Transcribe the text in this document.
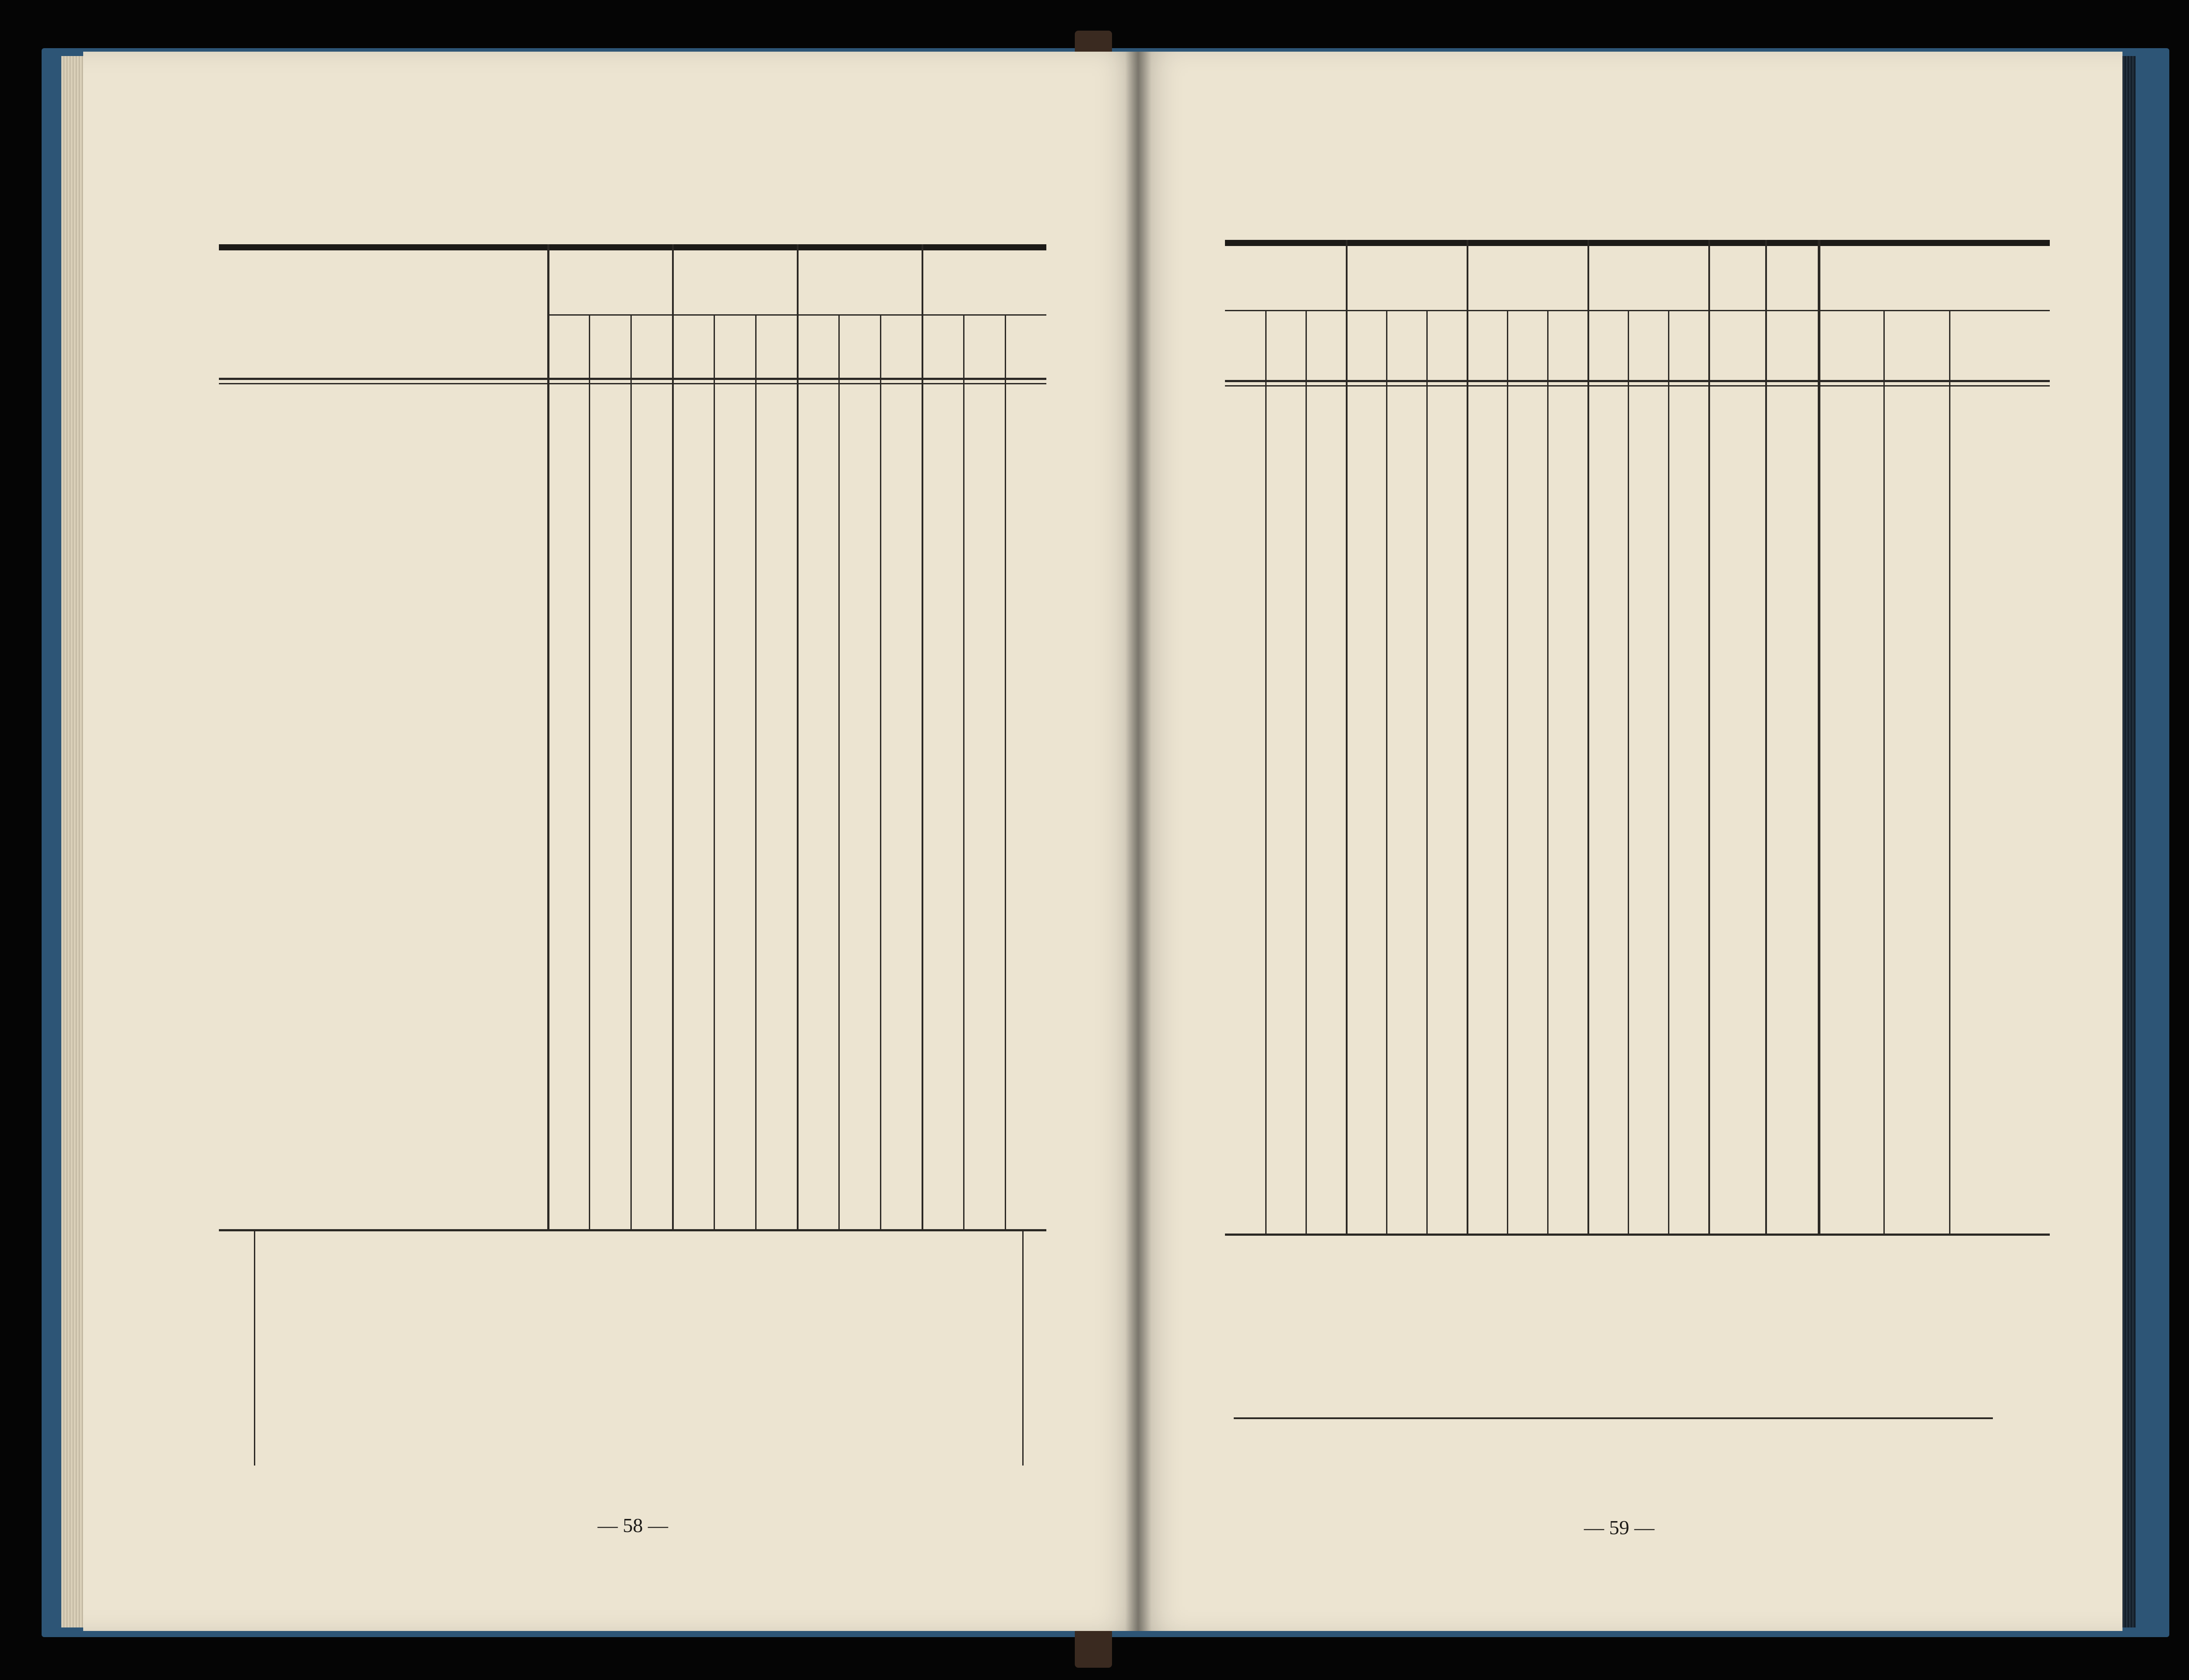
— 58 —	— 59 —
